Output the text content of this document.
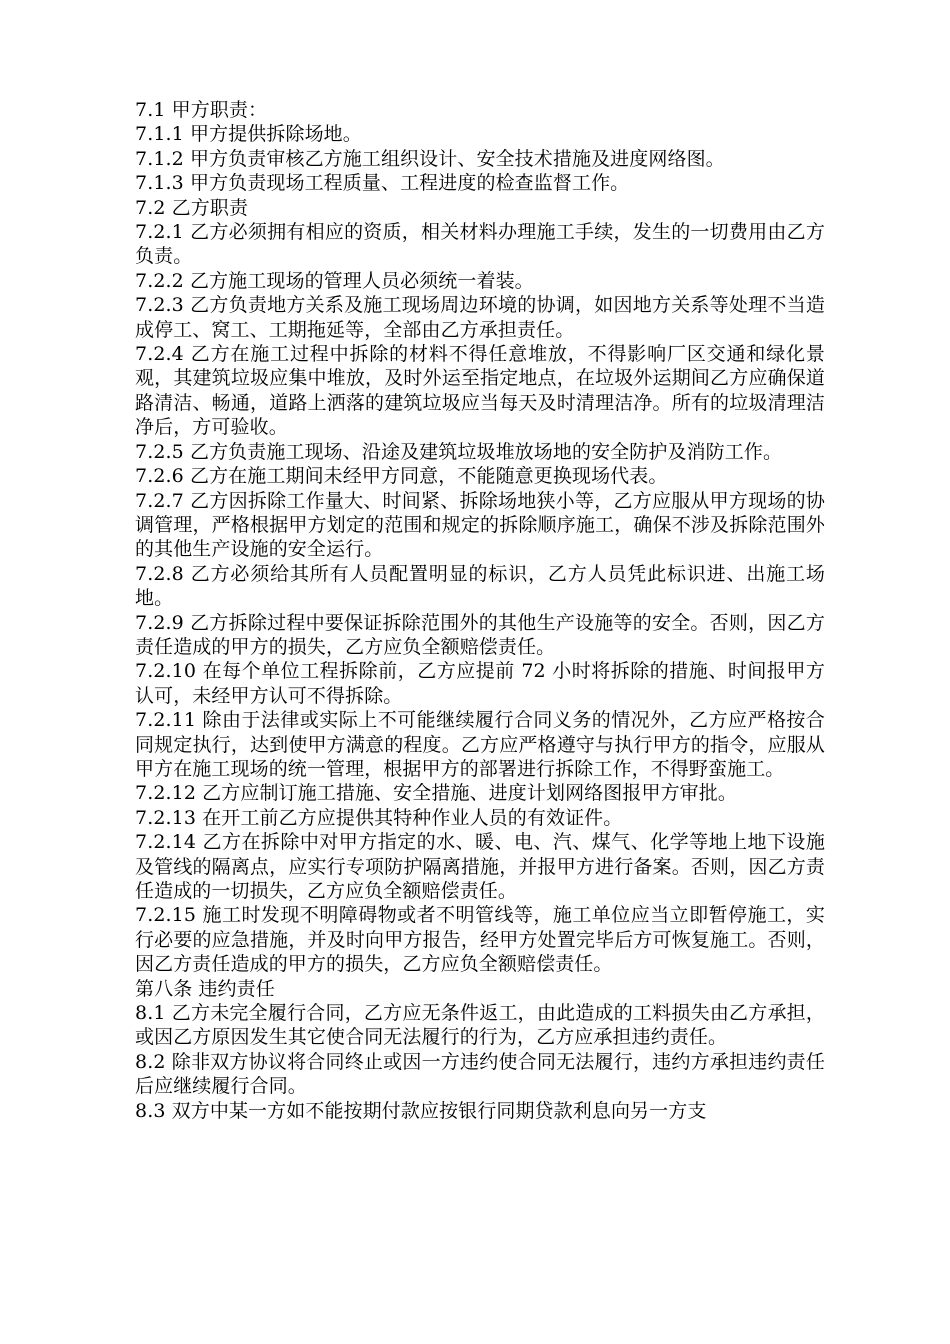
7.1 甲方职责：

7.1.1 甲方提供拆除场地。

7.1.2 甲方负责审核乙方施工组织设计、安全技术措施及进度网络图。

7.1.3 甲方负责现场工程质量、工程进度的检查监督工作。

7.2 乙方职责

7.2.1 乙方必须拥有相应的资质，相关材料办理施工手续，发生的一切费用由乙方负责。

7.2.2 乙方施工现场的管理人员必须统一着装。

7.2.3 乙方负责地方关系及施工现场周边环境的协调，如因地方关系等处理不当造成停工、窝工、工期拖延等，全部由乙方承担责任。

7.2.4 乙方在施工过程中拆除的材料不得任意堆放，不得影响厂区交通和绿化景观，其建筑垃圾应集中堆放，及时外运至指定地点，在垃圾外运期间乙方应确保道路清洁、畅通，道路上洒落的建筑垃圾应当每天及时清理洁净。所有的垃圾清理洁净后，方可验收。

7.2.5 乙方负责施工现场、沿途及建筑垃圾堆放场地的安全防护及消防工作。

7.2.6 乙方在施工期间未经甲方同意，不能随意更换现场代表。

7.2.7 乙方因拆除工作量大、时间紧、拆除场地狭小等，乙方应服从甲方现场的协调管理，严格根据甲方划定的范围和规定的拆除顺序施工，确保不涉及拆除范围外的其他生产设施的安全运行。

7.2.8 乙方必须给其所有人员配置明显的标识，乙方人员凭此标识进、出施工场地。

7.2.9 乙方拆除过程中要保证拆除范围外的其他生产设施等的安全。否则，因乙方责任造成的甲方的损失，乙方应负全额赔偿责任。

7.2.10 在每个单位工程拆除前，乙方应提前 72 小时将拆除的措施、时间报甲方认可，未经甲方认可不得拆除。

7.2.11 除由于法律或实际上不可能继续履行合同义务的情况外，乙方应严格按合同规定执行，达到使甲方满意的程度。乙方应严格遵守与执行甲方的指令，应服从甲方在施工现场的统一管理，根据甲方的部署进行拆除工作，不得野蛮施工。

7.2.12 乙方应制订施工措施、安全措施、进度计划网络图报甲方审批。

7.2.13 在开工前乙方应提供其特种作业人员的有效证件。

7.2.14 乙方在拆除中对甲方指定的水、暖、电、汽、煤气、化学等地上地下设施及管线的隔离点，应实行专项防护隔离措施，并报甲方进行备案。否则，因乙方责任造成的一切损失，乙方应负全额赔偿责任。

7.2.15 施工时发现不明障碍物或者不明管线等，施工单位应当立即暂停施工，实行必要的应急措施，并及时向甲方报告，经甲方处置完毕后方可恢复施工。否则，因乙方责任造成的甲方的损失，乙方应负全额赔偿责任。

第八条 违约责任

8.1 乙方未完全履行合同，乙方应无条件返工，由此造成的工料损失由乙方承担，或因乙方原因发生其它使合同无法履行的行为，乙方应承担违约责任。

8.2 除非双方协议将合同终止或因一方违约使合同无法履行，违约方承担违约责任后应继续履行合同。

8.3 双方中某一方如不能按期付款应按银行同期贷款利息向另一方支
